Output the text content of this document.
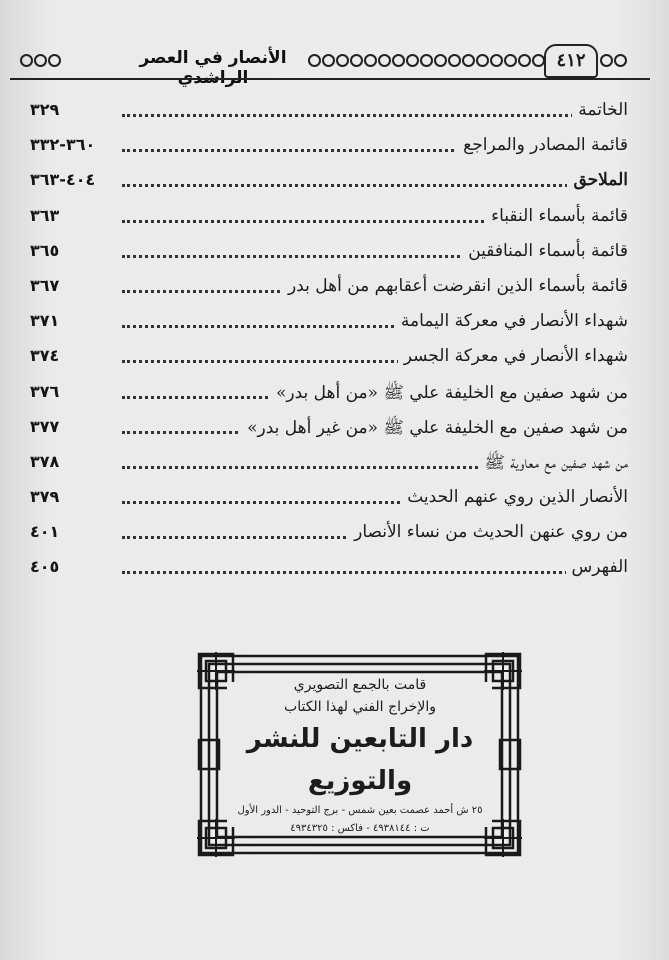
الأنصار في العصر الراشدي
٤١٢
٣٢٩	الخاتمة
٣٦٠-٣٣٢	قائمة المصادر والمراجع
٤٠٤-٣٦٣	الملاحق
٣٦٣	قائمة بأسماء النقباء
٣٦٥	قائمة بأسماء المنافقين
٣٦٧	قائمة بأسماء الذين انقرضت أعقابهم من أهل بدر
٣٧١	شهداء الأنصار في معركة اليمامة
٣٧٤	شهداء الأنصار في معركة الجسر
٣٧٦	من شهد صفين مع الخليفة علي ﷺ «من أهل بدر»
٣٧٧	من شهد صفين مع الخليفة علي ﷺ «من غير أهل بدر»
٣٧٨	من شهد صفين مع معاوية ﷺ
٣٧٩	الأنصار الذين روي عنهم الحديث
٤٠١	من روي عنهن الحديث من نساء الأنصار
٤٠٥	الفهرس
قامت بالجمع التصويري
والإخراج الفني لهذا الكتاب
دار التابعين للنشر والتوزيع
٢٥ ش أحمد عصمت بعين شمس - برج التوحيد - الدور الأول
ت : ٤٩٣٨١٤٤ - فاكس : ٤٩٣٤٣٢٥
